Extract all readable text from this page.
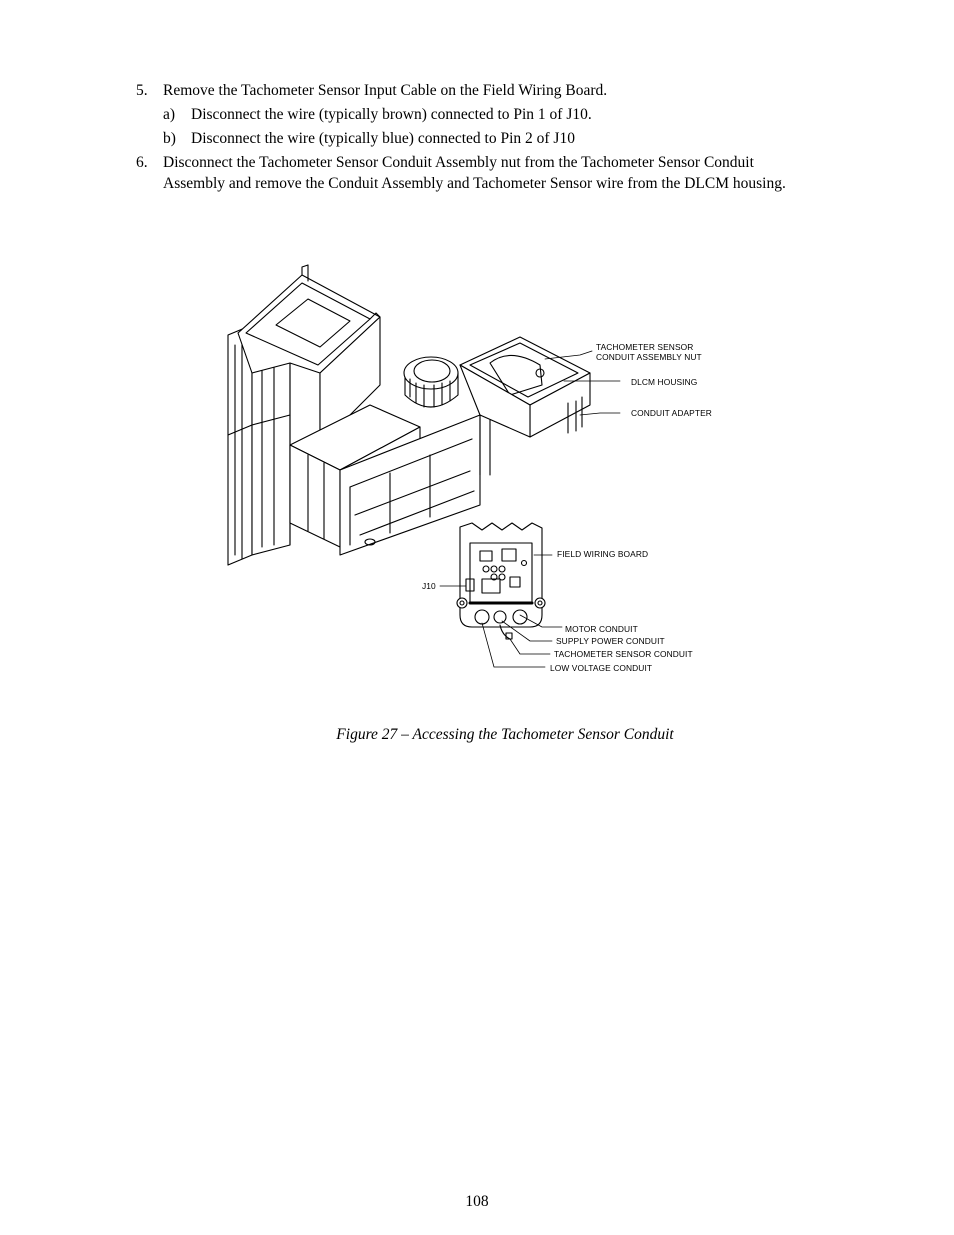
5. Remove the Tachometer Sensor Input Cable on the Field Wiring Board.
a) Disconnect the wire (typically brown) connected to Pin 1 of J10.
b) Disconnect the wire (typically blue) connected to Pin 2 of J10
6. Disconnect the Tachometer Sensor Conduit Assembly nut from the Tachometer Sensor Conduit
Assembly and remove the Conduit Assembly and Tachometer Sensor wire from the DLCM housing.
TACHOMETER SENSOR
CONDUIT ASSEMBLY NUT
DLCM HOUSING
CONDUIT ADAPTER
FIELD WIRING BOARD
J10
MOTOR CONDUIT
SUPPLY POWER CONDUIT
TACHOMETER SENSOR CONDUIT
LOW VOLTAGE CONDUIT
Figure 27 – Accessing the Tachometer Sensor Conduit
108
